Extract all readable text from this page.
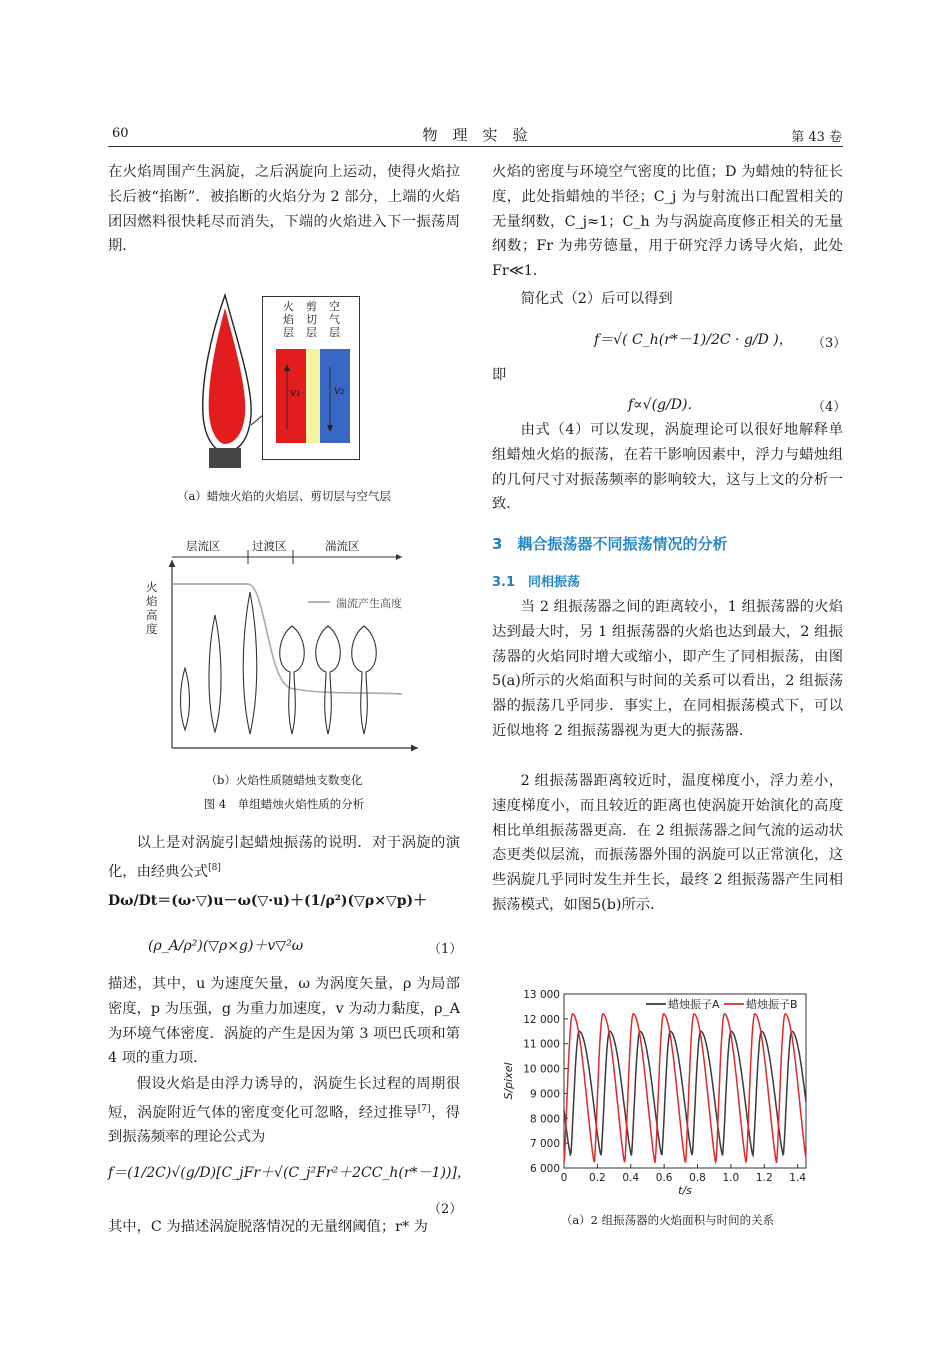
60	物　理　实　验	第 43 卷

在火焰周围产生涡旋，之后涡旋向上运动，使得火焰拉长后被“掐断”．被掐断的火焰分为 2 部分，上端的火焰团因燃料很快耗尽而消失，下端的火焰进入下一振荡周期．

火焰层
剪切层
空气层
v₁	v₂
（a）蜡烛火焰的火焰层、剪切层与空气层
层流区	过渡区	湍流区
火焰高度
湍流产生高度
（b）火焰性质随蜡烛支数变化
图 4　单组蜡烛火焰性质的分析

以上是对涡旋引起蜡烛振荡的说明．对于涡旋的演化，由经典公式[8]

Dω/Dt＝(ω·▽)u－ω(▽·u)＋(1/ρ²)(▽ρ×▽p)＋
(ρ_A/ρ²)(▽ρ×g)＋v▽²ω	（1）

描述，其中，u 为速度矢量，ω 为涡度矢量，ρ 为局部密度，p 为压强，g 为重力加速度，v 为动力黏度，ρ_A 为环境气体密度．涡旋的产生是因为第 3 项巴氏项和第 4 项的重力项．

假设火焰是由浮力诱导的，涡旋生长过程的周期很短，涡旋附近气体的密度变化可忽略，经过推导[7]，得到振荡频率的理论公式为

f＝(1/2C)√(g/D)[C_jFr＋√(C_j²Fr²＋2CC_h(r*－1))]，
（2）

其中，C 为描述涡旋脱落情况的无量纲阈值；r* 为

火焰的密度与环境空气密度的比值；D 为蜡烛的特征长度，此处指蜡烛的半径；C_j 为与射流出口配置相关的无量纲数，C_j≈1；C_h 为与涡旋高度修正相关的无量纲数；Fr 为弗劳德量，用于研究浮力诱导火焰，此处 Fr≪1．

简化式（2）后可以得到

f＝√( C_h(r*－1)/2C · g/D )， （3）
即
f∝√(g/D)．	（4）

由式（4）可以发现，涡旋理论可以很好地解释单组蜡烛火焰的振荡，在若干影响因素中，浮力与蜡烛组的几何尺寸对振荡频率的影响较大，这与上文的分析一致．

3　耦合振荡器不同振荡情况的分析
3.1　同相振荡

当 2 组振荡器之间的距离较小，1 组振荡器的火焰达到最大时，另 1 组振荡器的火焰也达到最大，2 组振荡器的火焰同时增大或缩小，即产生了同相振荡，由图 5(a)所示的火焰面积与时间的关系可以看出，2 组振荡器的振荡几乎同步．事实上，在同相振荡模式下，可以近似地将 2 组振荡器视为更大的振荡器．

2 组振荡器距离较近时，温度梯度小，浮力差小，速度梯度小，而且较近的距离也使涡旋开始演化的高度相比单组振荡器更高．在 2 组振荡器之间气流的运动状态更类似层流，而振荡器外围的涡旋可以正常演化，这些涡旋几乎同时发生并生长，最终 2 组振荡器产生同相振荡模式，如图5(b)所示．

6 000
7 000
8 000
9 000
10 000
11 000
12 000
13 000
0 0.2 0.4 0.6 0.8 1.0 1.2 1.4
t/s
S/pixel
蜡烛振子A 蜡烛振子B
（a）2 组振荡器的火焰面积与时间的关系
